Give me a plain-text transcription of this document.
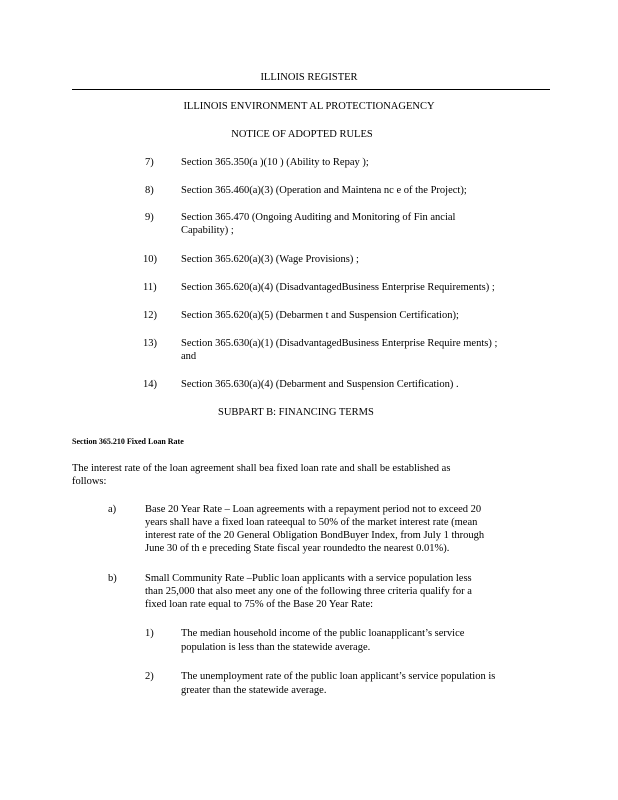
ILLINOIS REGISTER
ILLINOIS ENVIRONMENT AL PROTECTIONAGENCY
NOTICE OF ADOPTED RULES
7)	Section 365.350(a )(10 ) (Ability to Repay );
8)	Section 365.460(a)(3) (Operation and Maintena nc e of the Project);
9)	Section 365.470 (Ongoing Auditing and Monitoring of Fin ancial
Capability) ;
10)	Section 365.620(a)(3) (Wage Provisions) ;
11)	Section 365.620(a)(4) (DisadvantagedBusiness Enterprise Requirements) ;
12)	Section 365.620(a)(5) (Debarmen t and Suspension Certification);
13)	Section 365.630(a)(1) (DisadvantagedBusiness Enterprise Require ments) ;
and
14)	Section 365.630(a)(4) (Debarment and Suspension Certification) .
SUBPART B: FINANCING TERMS
Section 365.210 Fixed Loan Rate
The interest rate of the loan agreement shall bea fixed loan rate and shall be established as
follows:
a)	Base 20 Year Rate – Loan agreements with a repayment period not to exceed 20
years shall have a fixed loan rateequal to 50% of the market interest rate (mean
interest rate of the 20 General Obligation BondBuyer Index, from July 1 through
June 30 of th e preceding State fiscal year roundedto the nearest 0.01%).
b)	Small Community Rate –Public loan applicants with a service population less
than 25,000 that also meet any one of the following three criteria qualify for a
fixed loan rate equal to 75% of the Base 20 Year Rate:
1)	The median household income of the public loanapplicant’s service
population is less than the statewide average.
2)	The unemployment rate of the public loan applicant’s service population is
greater than the statewide average.
